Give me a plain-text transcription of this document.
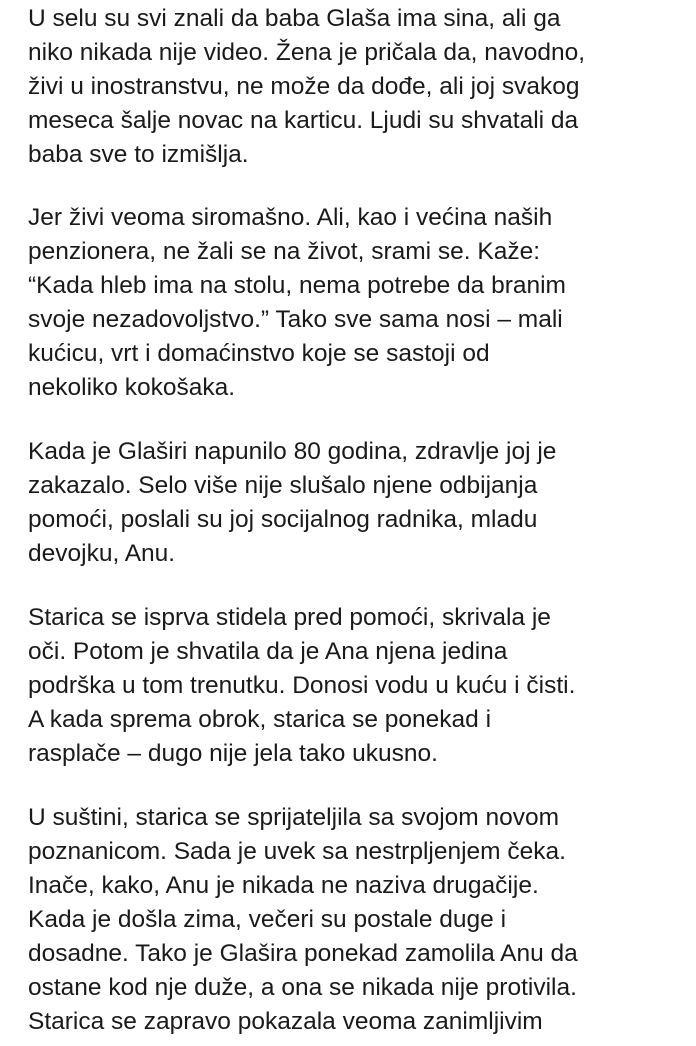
U selu su svi znali da baba Glaša ima sina, ali ga
niko nikada nije video. Žena je pričala da, navodno,
živi u inostranstvu, ne može da dođe, ali joj svakog
meseca šalje novac na karticu. Ljudi su shvatali da
baba sve to izmišlja.

Jer živi veoma siromašno. Ali, kao i većina naših
penzionera, ne žali se na život, srami se. Kaže:
“Kada hleb ima na stolu, nema potrebe da branim
svoje nezadovoljstvo.” Tako sve sama nosi – mali
kućicu, vrt i domaćinstvo koje se sastoji od
nekoliko kokošaka.

Kada je Glaširi napunilo 80 godina, zdravlje joj je
zakazalo. Selo više nije slušalo njene odbijanja
pomoći, poslali su joj socijalnog radnika, mladu
devojku, Anu.

Starica se isprva stidela pred pomoći, skrivala je
oči. Potom je shvatila da je Ana njena jedina
podrška u tom trenutku. Donosi vodu u kuću i čisti.
A kada sprema obrok, starica se ponekad i
rasplače – dugo nije jela tako ukusno.

U suštini, starica se sprijateljila sa svojom novom
poznanicom. Sada je uvek sa nestrpljenjem čeka.
Inače, kako, Anu je nikada ne naziva drugačije.
Kada je došla zima, večeri su postale duge i
dosadne. Tako je Glašira ponekad zamolila Anu da
ostane kod nje duže, a ona se nikada nije protivila.
Starica se zapravo pokazala veoma zanimljivim
